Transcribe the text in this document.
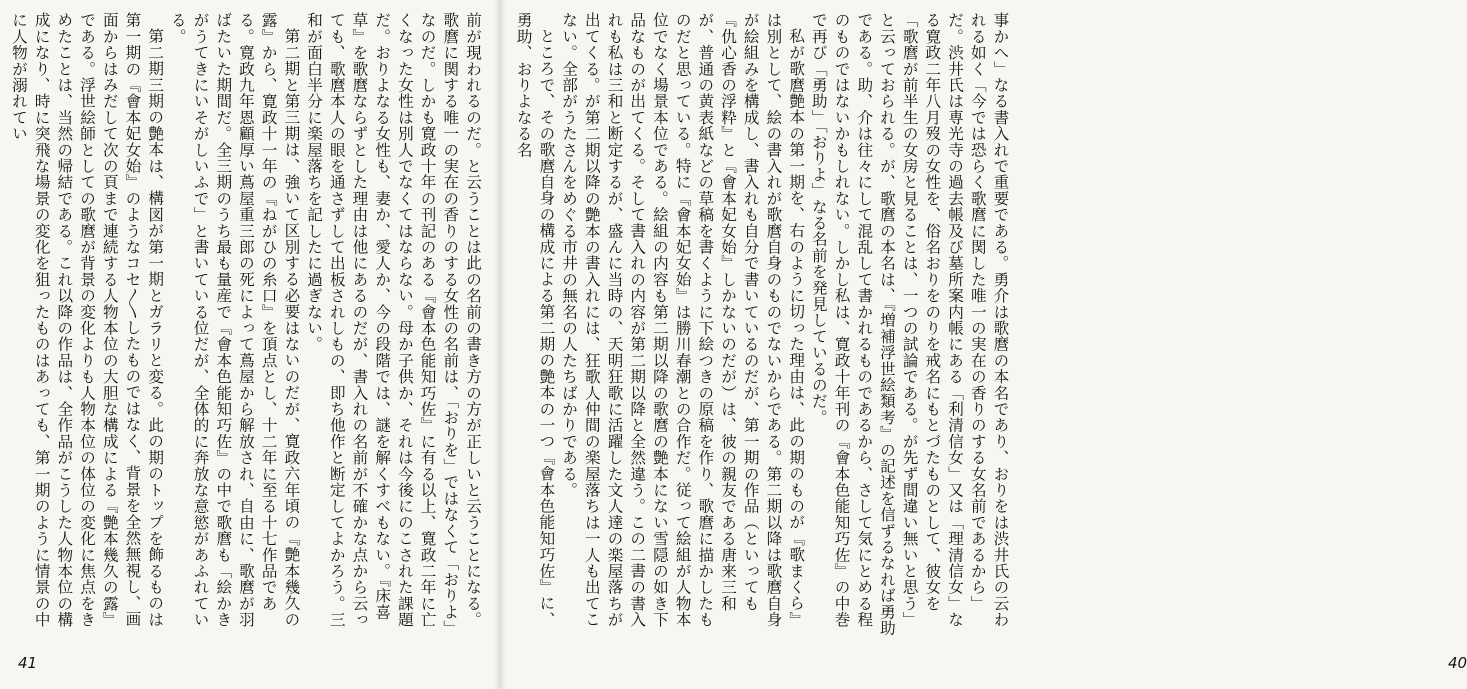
前が現われるのだ。と云うことは此の名前の書き方の方が正しいと云うことになる。歌麿に関する唯一の実在の香りのする女性の名前は、「おりを」ではなくて「おりよ」なのだ。しかも寛政十年の刊記のある『會本色能知巧佐』に有る以上、寛政二年に亡くなった女性は別人でなくてはならない。母か子供か、それは今後にのこされた課題だ。おりよなる女性も、妻か、愛人か、今の段階では、謎を解くすべもない。『床喜草』を歌麿ならずとした理由は他にあるのだが、書入れの名前が不確かな点から云っても、歌麿本人の眼を通さずして出板されしもの、即ち他作と断定してよかろう。三和が面白半分に楽屋落ちを記したに過ぎない。

第二期と第三期は、強いて区別する必要はないのだが、寛政六年頃の『艶本幾久の露』から、寛政十一年の『ねがひの糸口』を頂点とし、十二年に至る十七作品である。寛政九年恩顧厚い蔦屋重三郎の死によって蔦屋から解放され、自由に、歌麿が羽ばたいた期間だ。全三期のうち最も量産で『會本色能知巧佐』の中で歌麿も「絵かきがうてきにいそがしいふで」と書いている位だが、全体的に奔放な意慾があふれている。

第二期三期の艶本は、構図が第一期とガラリと変る。此の期のトップを飾るものは第一期の『會本妃女始』のようなコセ〳〵したものではなく、背景を全然無視し、画面からはみだして次の頁まで連続する人物本位の大胆な構成による『艶本幾久の露』である。浮世絵師としての歌麿が背景の変化よりも人物本位の体位の変化に焦点をきめたことは、当然の帰結である。これ以降の作品は、全作品がこうした人物本位の構成になり、時に突飛な場景の変化を狙ったものはあっても、第一期のように情景の中に人物が溺れてい

41	40

事かへ」なる書入れで重要である。勇介は歌麿の本名であり、おりをは渋井氏の云われる如く「今では恐らく歌麿に関した唯一の実在の香りのする女名前であるから」だ。渋井氏は専光寺の過去帳及び墓所案内帳にある「利清信女」又は「理清信女」なる寛政二年八月歿の女性を、俗名おりをのりを戒名にもとづたものとして、彼女を「歌麿が前半生の女房と見ることは、一つの試論である。が先ず間違い無いと思う」と云っておられる。が、歌麿の本名は、『増補浮世絵類考』の記述を信ずるなれば勇助である。助、介は往々にして混乱して書かれるものであるから、さして気にとめる程のものではないかもしれない。しかし私は、寛政十年刊の『會本色能知巧佐』の中巻で再び「勇助」「おりよ」なる名前を発見しているのだ。

私が歌麿艶本の第一期を、右のように切った理由は、此の期のものが『歌まくら』は別として、絵の書入れが歌麿自身のものでないからである。第二期以降は歌麿自身が絵組みを構成し、書入れも自分で書いているのだが、第一期の作品（といっても『仇心香の浮粋』と『會本妃女始』しかないのだが）は、彼の親友である唐来三和が、普通の黄表紙などの草稿を書くように下絵つきの原稿を作り、歌麿に描かしたものだと思っている。特に『會本妃女始』は勝川春潮との合作だ。従って絵組が人物本位でなく場景本位である。絵組の内容も第二期以降の歌麿の艶本にない雪隠の如き下品なものが出てくる。そして書入れの内容が第二期以降と全然違う。この二書の書入れも私は三和と断定するが、盛んに当時の、天明狂歌に活躍した文人達の楽屋落ちが出てくる。が第二期以降の艶本の書入れには、狂歌人仲間の楽屋落ちは一人も出てこない。全部がうたさんをめぐる市井の無名の人たちばかりである。

ところで、その歌麿自身の構成による第二期の艶本の一つ『會本色能知巧佐』に、勇助、おりよなる名
